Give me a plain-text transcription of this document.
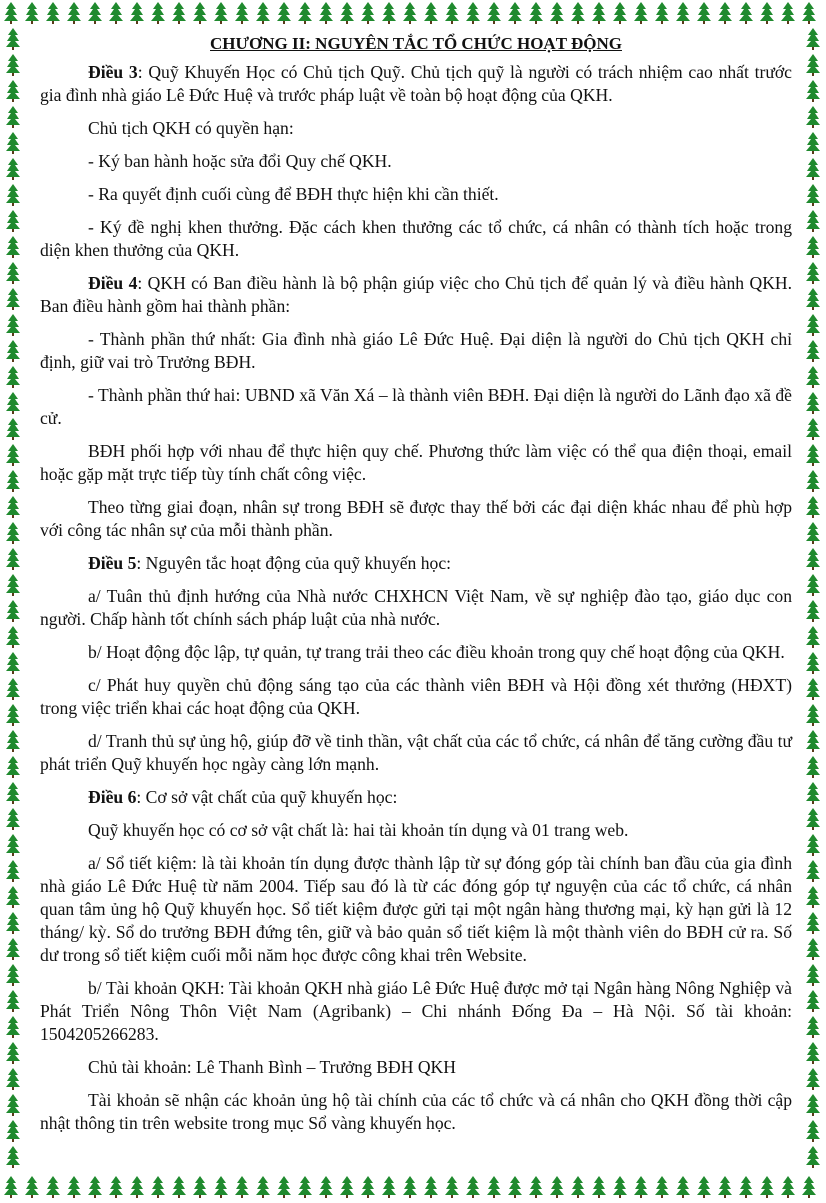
CHƯƠNG II: NGUYÊN TẮC TỔ CHỨC HOẠT ĐỘNG
Điều 3: Quỹ Khuyến Học có Chủ tịch Quỹ. Chủ tịch quỹ là người có trách nhiệm cao nhất trước gia đình nhà giáo Lê Đức Huệ và trước pháp luật về toàn bộ hoạt động của QKH.
Chủ tịch QKH có quyền hạn:
- Ký ban hành hoặc sửa đổi Quy chế QKH.
- Ra quyết định cuối cùng để BĐH thực hiện khi cần thiết.
- Ký đề nghị khen thưởng. Đặc cách khen thưởng các tổ chức, cá nhân có thành tích hoặc trong diện khen thưởng của QKH.
Điều 4: QKH có Ban điều hành là bộ phận giúp việc cho Chủ tịch để quản lý và điều hành QKH. Ban điều hành gồm hai thành phần:
- Thành phần thứ nhất: Gia đình nhà giáo Lê Đức Huệ. Đại diện là người do Chủ tịch QKH chỉ định, giữ vai trò Trưởng BĐH.
- Thành phần thứ hai: UBND xã Văn Xá – là thành viên BĐH. Đại diện là người do Lãnh đạo xã đề cử.
BĐH phối hợp với nhau để thực hiện quy chế. Phương thức làm việc có thể qua điện thoại, email hoặc gặp mặt trực tiếp tùy tính chất công việc.
Theo từng giai đoạn, nhân sự trong BĐH sẽ được thay thế bởi các đại diện khác nhau để phù hợp với công tác nhân sự của mỗi thành phần.
Điều 5: Nguyên tắc hoạt động của quỹ khuyến học:
a/ Tuân thủ định hướng của Nhà nước CHXHCN Việt Nam, về sự nghiệp đào tạo, giáo dục con người. Chấp hành tốt chính sách pháp luật của nhà nước.
b/ Hoạt động độc lập, tự quản, tự trang trải theo các điều khoản trong quy chế hoạt động của QKH.
c/ Phát huy quyền chủ động sáng tạo của các thành viên BĐH và Hội đồng xét thưởng (HĐXT) trong việc triển khai các hoạt động của QKH.
d/ Tranh thủ sự ủng hộ, giúp đỡ về tinh thần, vật chất của các tổ chức, cá nhân để tăng cường đầu tư phát triển Quỹ khuyến học ngày càng lớn mạnh.
Điều 6: Cơ sở vật chất của quỹ khuyến học:
Quỹ khuyến học có cơ sở vật chất là: hai tài khoản tín dụng và 01 trang web.
a/ Sổ tiết kiệm: là tài khoản tín dụng được thành lập từ sự đóng góp tài chính ban đầu của gia đình nhà giáo Lê Đức Huệ từ năm 2004. Tiếp sau đó là từ các đóng góp tự nguyện của các tổ chức, cá nhân quan tâm ủng hộ Quỹ khuyến học. Sổ tiết kiệm được gửi tại một ngân hàng thương mại, kỳ hạn gửi là 12 tháng/ kỳ. Sổ do trưởng BĐH đứng tên, giữ và bảo quản sổ tiết kiệm là một thành viên do BĐH cử ra. Số dư trong sổ tiết kiệm cuối mỗi năm học được công khai trên Website.
b/ Tài khoản QKH: Tài khoản QKH nhà giáo Lê Đức Huệ được mở tại Ngân hàng Nông Nghiệp và Phát Triển Nông Thôn Việt Nam (Agribank) – Chi nhánh Đống Đa – Hà Nội. Số tài khoản: 1504205266283.
Chủ tài khoản: Lê Thanh Bình – Trưởng BĐH QKH
Tài khoản sẽ nhận các khoản ủng hộ tài chính của các tổ chức và cá nhân cho QKH đồng thời cập nhật thông tin trên website trong mục Sổ vàng khuyến học.
